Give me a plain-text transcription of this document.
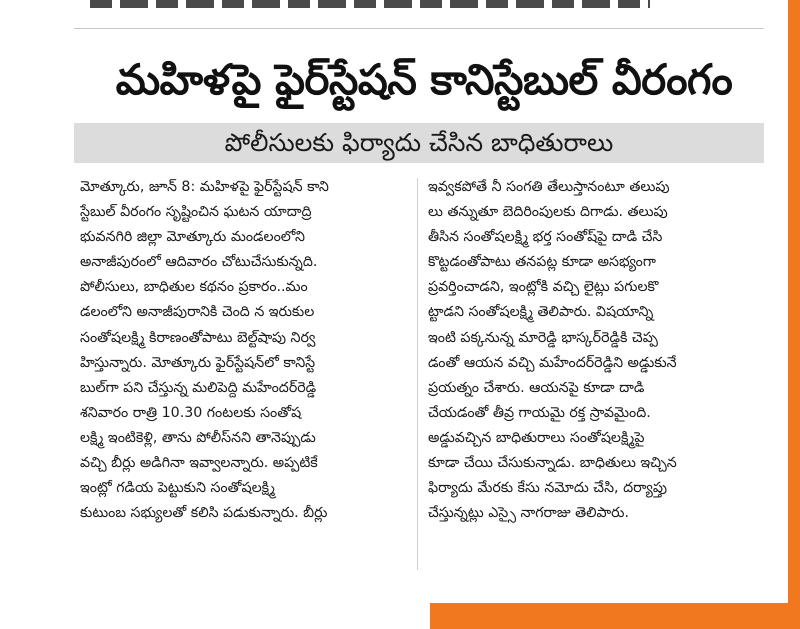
మహిళపై ఫైర్‌స్టేషన్ కానిస్టేబుల్ వీరంగం
పోలీసులకు ఫిర్యాదు చేసిన బాధితురాలు
మోత్కూరు, జూన్ 8: మహిళపై ఫైర్‌స్టేషన్ కాని
స్టేబుల్ వీరంగం సృష్టించిన ఘటన యాదాద్రి
భువనగిరి జిల్లా మోత్కూరు మండలంలోని
అనాజీపురంలో ఆదివారం చోటుచేసుకున్నది.
పోలీసులు, బాధితుల కథనం ప్రకారం..మం
డలంలోని అనాజీపురానికి చెంది న ఇరుకుల
సంతోషలక్ష్మి కిరాణంతోపాటు బెల్ట్‌షాపు నిర్వ
హిస్తున్నారు. మోత్కూరు ఫైర్‌స్టేషన్‌లో కానిస్టే
బుల్‌గా పని చేస్తున్న మలిపెద్ది మహేందర్‌రెడ్డి
శనివారం రాత్రి 10.30 గంటలకు సంతోష
లక్ష్మి ఇంటికెళ్లి, తాను పోలీస్‌నని తానెప్పుడు
వచ్చి బీర్లు అడిగినా ఇవ్వాలన్నారు. అప్పటికే
ఇంట్లో గడియ పెట్టుకుని సంతోషలక్ష్మి
కుటుంబ సభ్యులతో కలిసి పడుకున్నారు. బీర్లు
ఇవ్వకపోతే నీ సంగతి తేలుస్తానంటూ తలుపు
లు తన్నుతూ బెదిరింపులకు దిగాడు. తలుపు
తీసిన సంతోషలక్ష్మి భర్త సంతోష్‌పై దాడి చేసి
కొట్టడంతోపాటు తనపట్ల కూడా అసభ్యంగా
ప్రవర్తించాడని, ఇంట్లోకి వచ్చి లైట్లు పగులకొ
ట్టాడని సంతోషలక్ష్మి తెలిపారు. విషయాన్ని
ఇంటి పక్కనున్న మారెడ్డి భాస్కర్‌రెడ్డికి చెప్ప
డంతో ఆయన వచ్చి మహేందర్‌రెడ్డిని అడ్డుకునే
ప్రయత్నం చేశారు. ఆయనపై కూడా దాడి
చేయడంతో తీవ్ర గాయమై రక్త స్రావమైంది.
అడ్డువచ్చిన బాధితురాలు సంతోషలక్ష్మిపై
కూడా చేయి చేసుకున్నాడు. బాధితులు ఇచ్చిన
ఫిర్యాదు మేరకు కేసు నమోదు చేసి, దర్యాప్తు
చేస్తున్నట్లు ఎస్సై నాగరాజు తెలిపారు.
